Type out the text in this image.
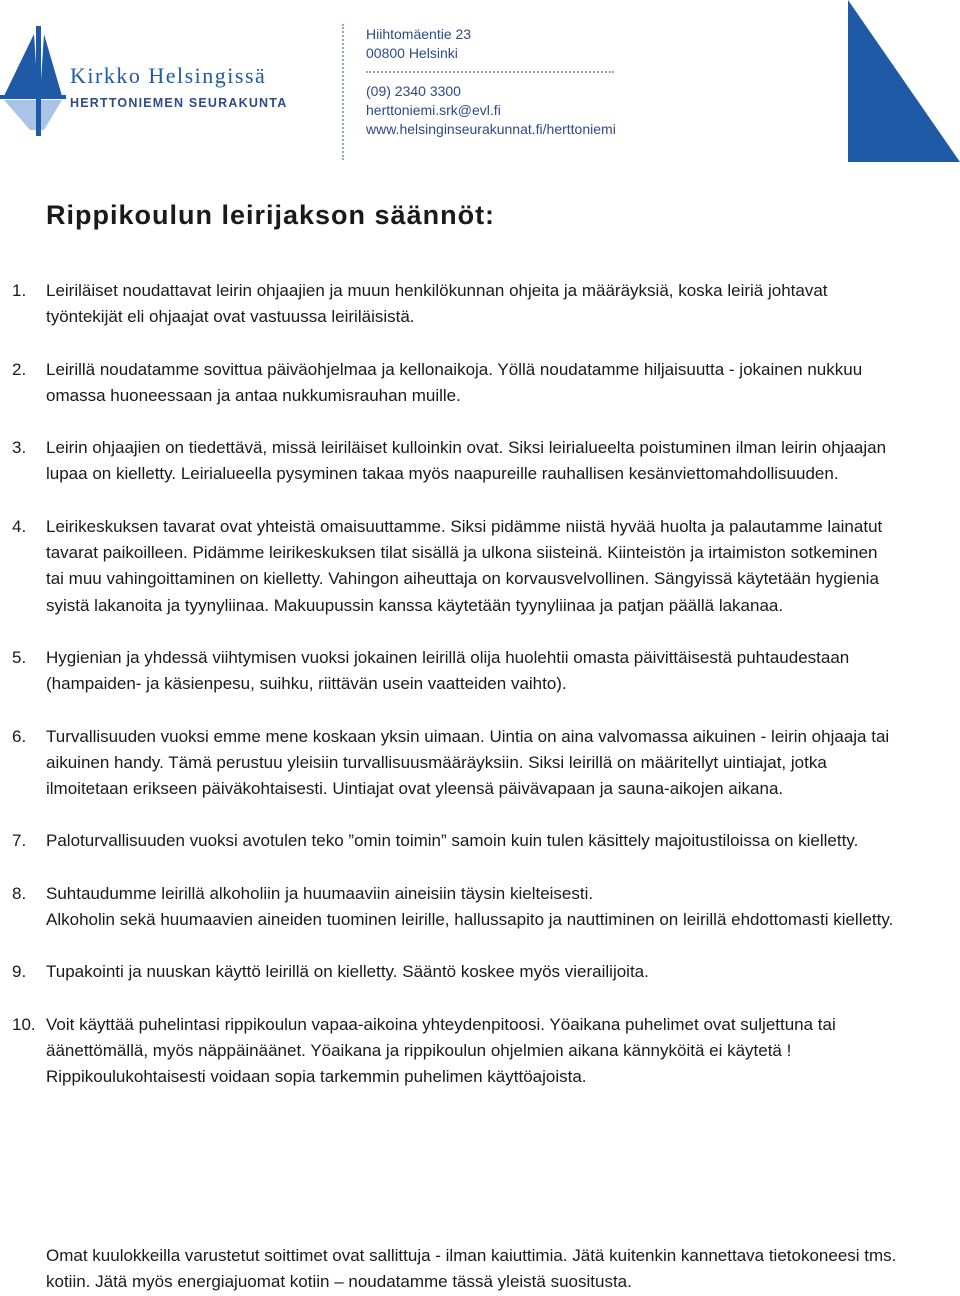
Kirkko Helsingissä
HERTTONIEMEN SEURAKUNTA
Hiihtomäentie 23
00800 Helsinki
(09) 2340 3300
herttoniemi.srk@evl.fi
www.helsinginseurakunnat.fi/herttoniemi
Rippikoulun leirijakson säännöt:
1. Leiriläiset noudattavat leirin ohjaajien ja muun henkilökunnan ohjeita ja määräyksiä, koska leiriä johtavat työntekijät eli ohjaajat ovat vastuussa leiriläisistä.
2. Leirillä noudatamme sovittua päiväohjelmaa ja kellonaikoja. Yöllä noudatamme hiljaisuutta - jokainen nukkuu omassa huoneessaan ja antaa nukkumisrauhan muille.
3. Leirin ohjaajien on tiedettävä, missä leiriläiset kulloinkin ovat. Siksi leirialueelta poistuminen ilman leirin ohjaajan lupaa on kielletty. Leirialueella pysyminen takaa myös naapureille rauhallisen kesänviettomahdollisuuden.
4. Leirikeskuksen tavarat ovat yhteistä omaisuuttamme. Siksi pidämme niistä hyvää huolta ja palautamme lainatut tavarat paikoilleen. Pidämme leirikeskuksen tilat sisällä ja ulkona siisteinä. Kiinteistön ja irtaimiston sotkeminen tai muu vahingoittaminen on kielletty. Vahingon aiheuttaja on korvausvelvollinen. Sängyissä käytetään hygienia syistä lakanoita ja tyynyliinaa. Makuupussin kanssa käytetään tyynyliinaa ja patjan päällä lakanaa.
5. Hygienian ja yhdessä viihtymisen vuoksi jokainen leirillä olija huolehtii omasta päivittäisestä puhtaudestaan (hampaiden- ja käsienpesu, suihku, riittävän usein vaatteiden vaihto).
6. Turvallisuuden vuoksi emme mene koskaan yksin uimaan. Uintia on aina valvomassa aikuinen - leirin ohjaaja tai aikuinen handy. Tämä perustuu yleisiin turvallisuusmääräyksiin. Siksi leirillä on määritellyt uintiajat, jotka ilmoitetaan erikseen päiväkohtaisesti. Uintiajat ovat yleensä päivävapaan ja sauna-aikojen aikana.
7. Paloturvallisuuden vuoksi avotulen teko ”omin toimin” samoin kuin tulen käsittely majoitustiloissa on kielletty.
8. Suhtaudumme leirillä alkoholiin ja huumaaviin aineisiin täysin kielteisesti.
Alkoholin sekä huumaavien aineiden tuominen leirille, hallussapito ja nauttiminen on leirillä ehdottomasti kielletty.
9. Tupakointi ja nuuskan käyttö leirillä on kielletty. Sääntö koskee myös vierailijoita.
10. Voit käyttää puhelintasi rippikoulun vapaa-aikoina yhteydenpitoosi. Yöaikana puhelimet ovat suljettuna tai äänettömällä, myös näppäinäänet. Yöaikana ja rippikoulun ohjelmien aikana kännyköitä ei käytetä ! Rippikoulukohtaisesti voidaan sopia tarkemmin puhelimen käyttöajoista.

Omat kuulokkeilla varustetut soittimet ovat sallittuja - ilman kaiuttimia. Jätä kuitenkin kannettava tietokoneesi tms. kotiin. Jätä myös energiajuomat kotiin – noudatamme tässä yleistä suositusta.
